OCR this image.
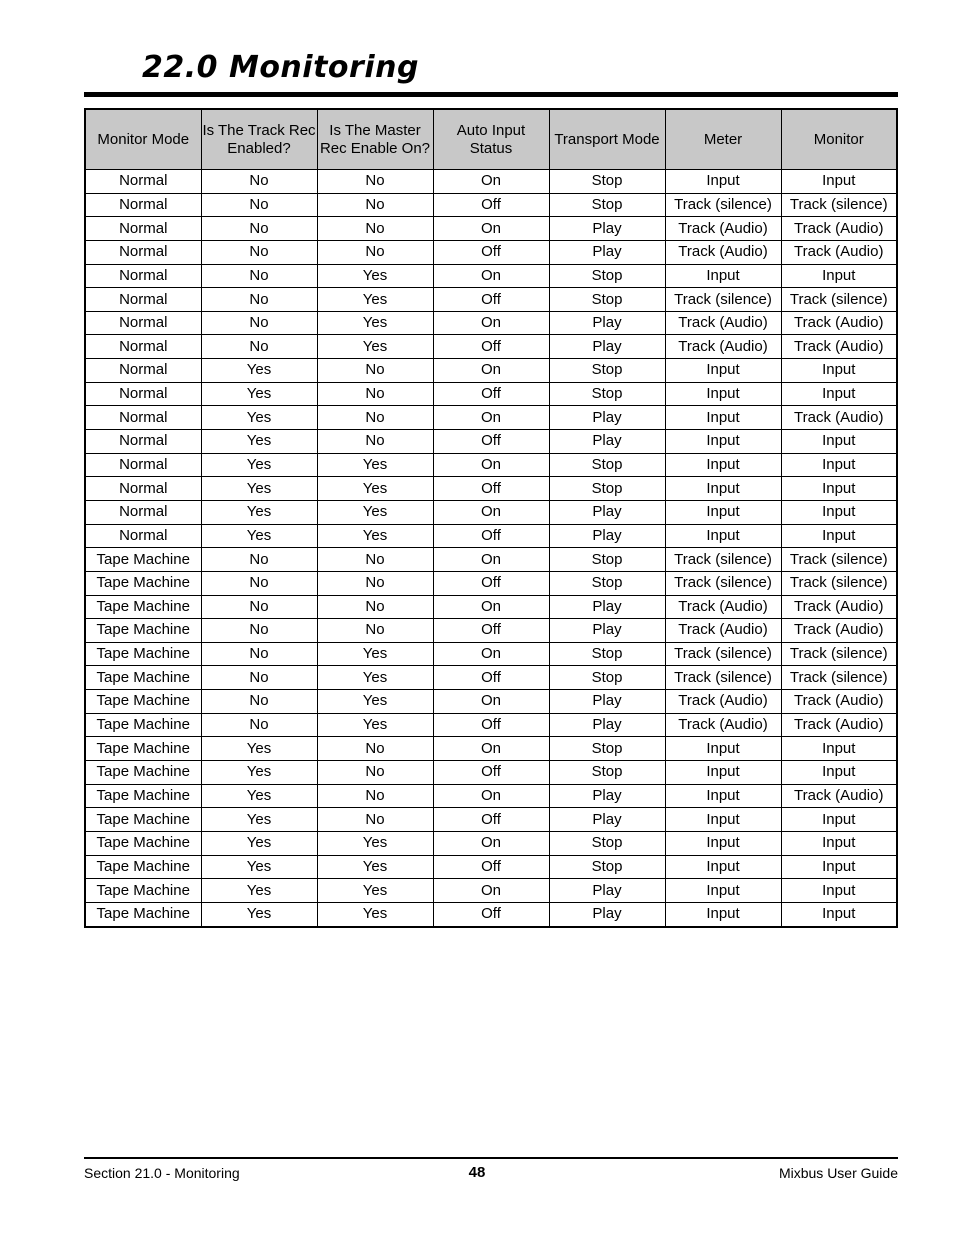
22.0 Monitoring
Monitor Mode	Is The Track Rec Enabled?	Is The Master Rec Enable On?	Auto Input Status	Transport Mode	Meter	Monitor
Normal	No	No	On	Stop	Input	Input
Normal	No	No	Off	Stop	Track (silence)	Track (silence)
Normal	No	No	On	Play	Track (Audio)	Track (Audio)
Normal	No	No	Off	Play	Track (Audio)	Track (Audio)
Normal	No	Yes	On	Stop	Input	Input
Normal	No	Yes	Off	Stop	Track (silence)	Track (silence)
Normal	No	Yes	On	Play	Track (Audio)	Track (Audio)
Normal	No	Yes	Off	Play	Track (Audio)	Track (Audio)
Normal	Yes	No	On	Stop	Input	Input
Normal	Yes	No	Off	Stop	Input	Input
Normal	Yes	No	On	Play	Input	Track (Audio)
Normal	Yes	No	Off	Play	Input	Input
Normal	Yes	Yes	On	Stop	Input	Input
Normal	Yes	Yes	Off	Stop	Input	Input
Normal	Yes	Yes	On	Play	Input	Input
Normal	Yes	Yes	Off	Play	Input	Input
Tape Machine	No	No	On	Stop	Track (silence)	Track (silence)
Tape Machine	No	No	Off	Stop	Track (silence)	Track (silence)
Tape Machine	No	No	On	Play	Track (Audio)	Track (Audio)
Tape Machine	No	No	Off	Play	Track (Audio)	Track (Audio)
Tape Machine	No	Yes	On	Stop	Track (silence)	Track (silence)
Tape Machine	No	Yes	Off	Stop	Track (silence)	Track (silence)
Tape Machine	No	Yes	On	Play	Track (Audio)	Track (Audio)
Tape Machine	No	Yes	Off	Play	Track (Audio)	Track (Audio)
Tape Machine	Yes	No	On	Stop	Input	Input
Tape Machine	Yes	No	Off	Stop	Input	Input
Tape Machine	Yes	No	On	Play	Input	Track (Audio)
Tape Machine	Yes	No	Off	Play	Input	Input
Tape Machine	Yes	Yes	On	Stop	Input	Input
Tape Machine	Yes	Yes	Off	Stop	Input	Input
Tape Machine	Yes	Yes	On	Play	Input	Input
Tape Machine	Yes	Yes	Off	Play	Input	Input
Section 21.0 - Monitoring	48	Mixbus User Guide
